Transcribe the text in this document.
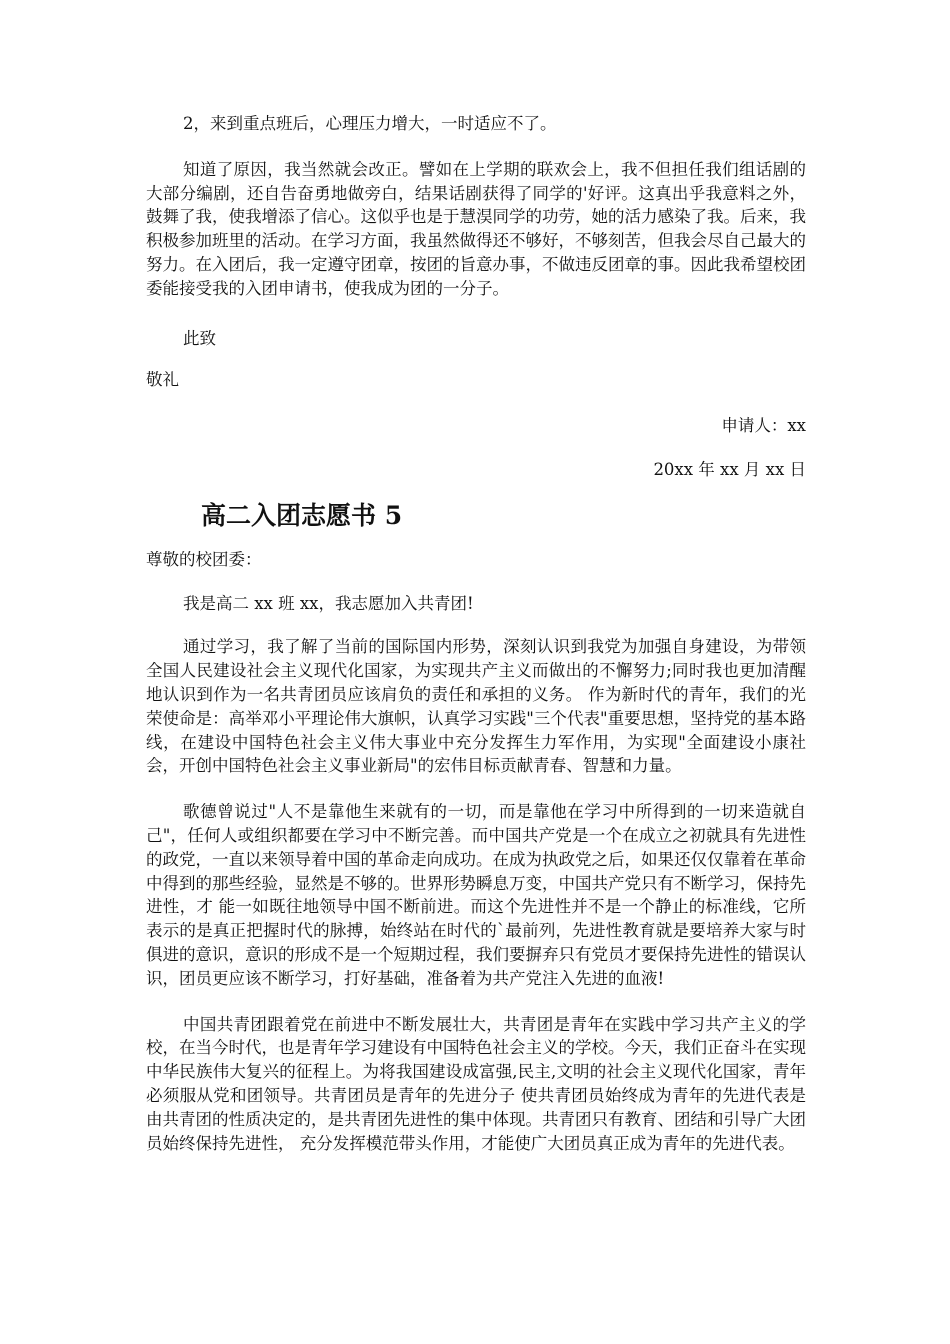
2，来到重点班后，心理压力增大，一时适应不了。

知道了原因，我当然就会改正。譬如在上学期的联欢会上，我不但担任我们组话剧的大部分编剧，还自告奋勇地做旁白，结果话剧获得了同学的'好评。这真出乎我意料之外，鼓舞了我，使我增添了信心。这似乎也是于慧淏同学的功劳，她的活力感染了我。后来，我积极参加班里的活动。在学习方面，我虽然做得还不够好，不够刻苦，但我会尽自己最大的努力。在入团后，我一定遵守团章，按团的旨意办事，不做违反团章的事。因此我希望校团委能接受我的入团申请书，使我成为团的一分子。

此致

敬礼

申请人：xx

20xx 年 xx 月 xx 日

高二入团志愿书 5

尊敬的校团委：

我是高二 xx 班 xx，我志愿加入共青团!

通过学习，我了解了当前的国际国内形势，深刻认识到我党为加强自身建设，为带领全国人民建设社会主义现代化国家，为实现共产主义而做出的不懈努力;同时我也更加清醒地认识到作为一名共青团员应该肩负的责任和承担的义务。 作为新时代的青年，我们的光荣使命是：高举邓小平理论伟大旗帜，认真学习实践"三个代表"重要思想，坚持党的基本路线，在建设中国特色社会主义伟大事业中充分发挥生力军作用，为实现"全面建设小康社会，开创中国特色社会主义事业新局"的宏伟目标贡献青春、智慧和力量。

歌德曾说过"人不是靠他生来就有的一切，而是靠他在学习中所得到的一切来造就自己"，任何人或组织都要在学习中不断完善。而中国共产党是一个在成立之初就具有先进性的政党，一直以来领导着中国的革命走向成功。在成为执政党之后，如果还仅仅靠着在革命中得到的那些经验，显然是不够的。世界形势瞬息万变，中国共产党只有不断学习，保持先进性，才 能一如既往地领导中国不断前进。而这个先进性并不是一个静止的标准线，它所表示的是真正把握时代的脉搏，始终站在时代的`最前列，先进性教育就是要培养大家与时俱进的意识，意识的形成不是一个短期过程，我们要摒弃只有党员才要保持先进性的错误认识，团员更应该不断学习，打好基础，准备着为共产党注入先进的血液!

中国共青团跟着党在前进中不断发展壮大，共青团是青年在实践中学习共产主义的学校，在当今时代，也是青年学习建设有中国特色社会主义的学校。今天，我们正奋斗在实现中华民族伟大复兴的征程上。为将我国建设成富强,民主,文明的社会主义现代化国家，青年必须服从党和团领导。共青团员是青年的先进分子 使共青团员始终成为青年的先进代表是由共青团的性质决定的，是共青团先进性的集中体现。共青团只有教育、团结和引导广大团员始终保持先进性， 充分发挥模范带头作用，才能使广大团员真正成为青年的先进代表。
